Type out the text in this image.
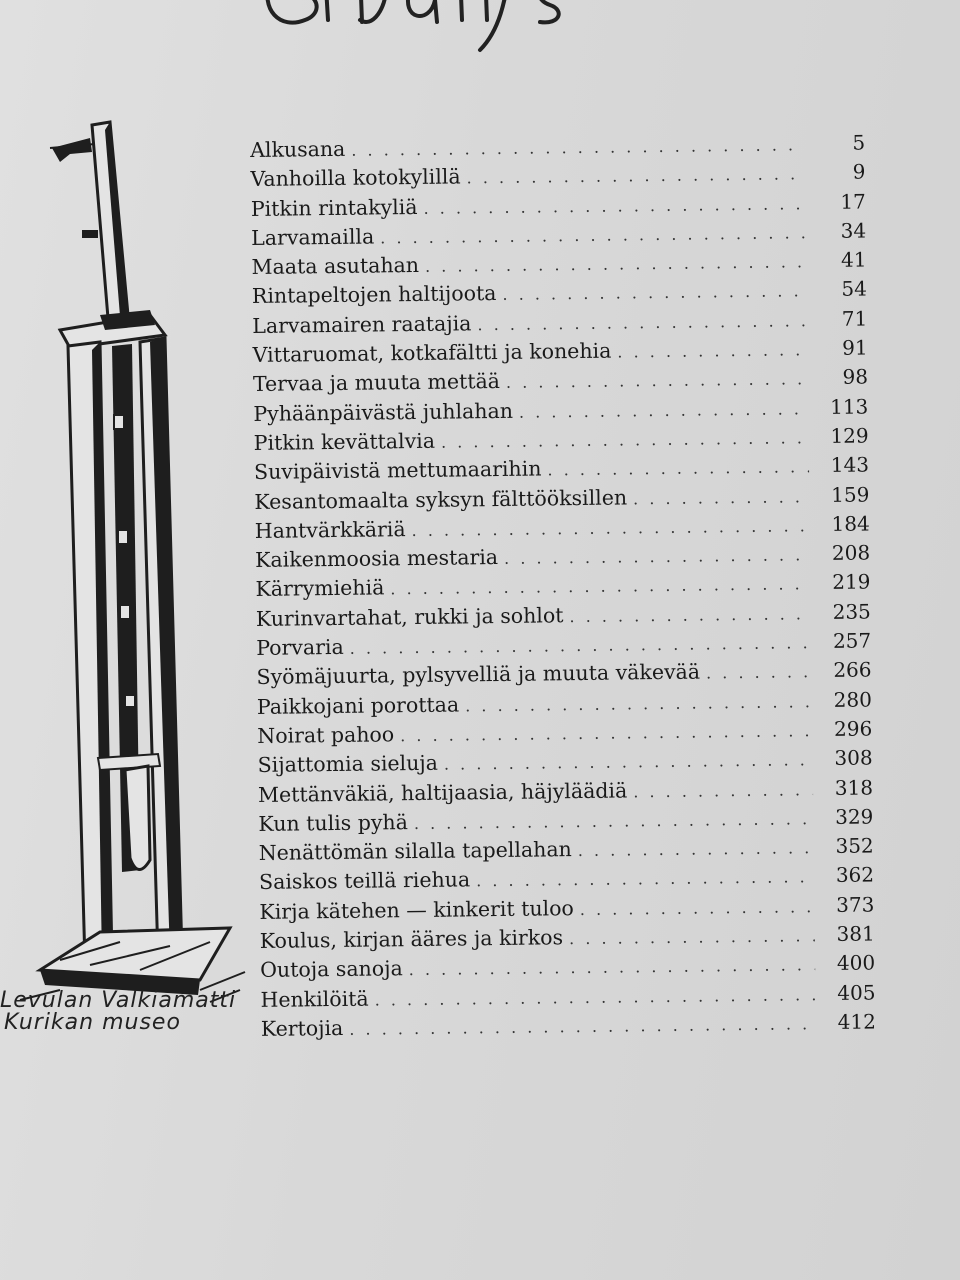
Levulan Valkiamatti
Kurikan museo
Alkusana . . .	5
Vanhoilla kotokylillä . . .	9
Pitkin rintakyliä . . .	17
Larvamailla . . .	34
Maata asutahan . . .	41
Rintapeltojen haltijoota . . .	54
Larvamairen raatajia . . .	71
Vittaruomat, kotkafältti ja konehia . . .	91
Tervaa ja muuta mettää . . .	98
Pyhäänpäivästä juhlahan . . .	113
Pitkin kevättalvia . . .	129
Suvipäivistä mettumaarihin . . .	143
Kesantomaalta syksyn fälttööksillen . . .	159
Hantvärkkäriä . . .	184
Kaikenmoosia mestaria . . .	208
Kärrymiehiä . . .	219
Kurinvartahat, rukki ja sohlot . . .	235
Porvaria . . .	257
Syömäjuurta, pylsyvelliä ja muuta väkevää . . .	266
Paikkojani porottaa . . .	280
Noirat pahoo . . .	296
Sijattomia sieluja . . .	308
Mettänväkiä, haltijaasia, häjyläädiä . . .	318
Kun tulis pyhä . . .	329
Nenättömän silalla tapellahan . . .	352
Saiskos teillä riehua . . .	362
Kirja kätehen — kinkerit tuloo . . .	373
Koulus, kirjan ääres ja kirkos . . .	381
Outoja sanoja . . .	400
Henkilöitä . . .	405
Kertojia . . .	412
